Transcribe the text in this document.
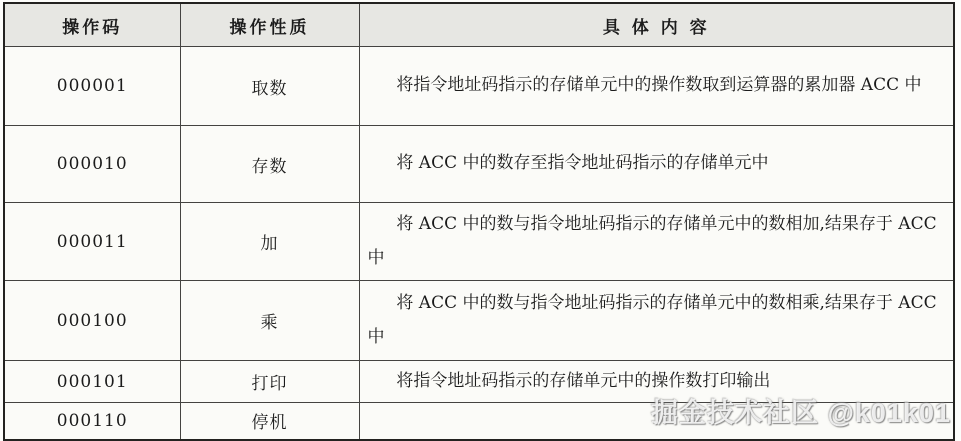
操作码	操作性质	具 体 内 容
000001	取数	将指令地址码指示的存储单元中的操作数取到运算器的累加器 ACC 中

000010	存数	将 ACC 中的数存至指令地址码指示的存储单元中

000011	加	将 ACC 中的数与指令地址码指示的存储单元中的数相加,结果存于 ACC 中

000100	乘	将 ACC 中的数与指令地址码指示的存储单元中的数相乘,结果存于 ACC 中

000101	打印	将指令地址码指示的存储单元中的操作数打印输出

000110	停机		掘金技术社区 @k01k01
